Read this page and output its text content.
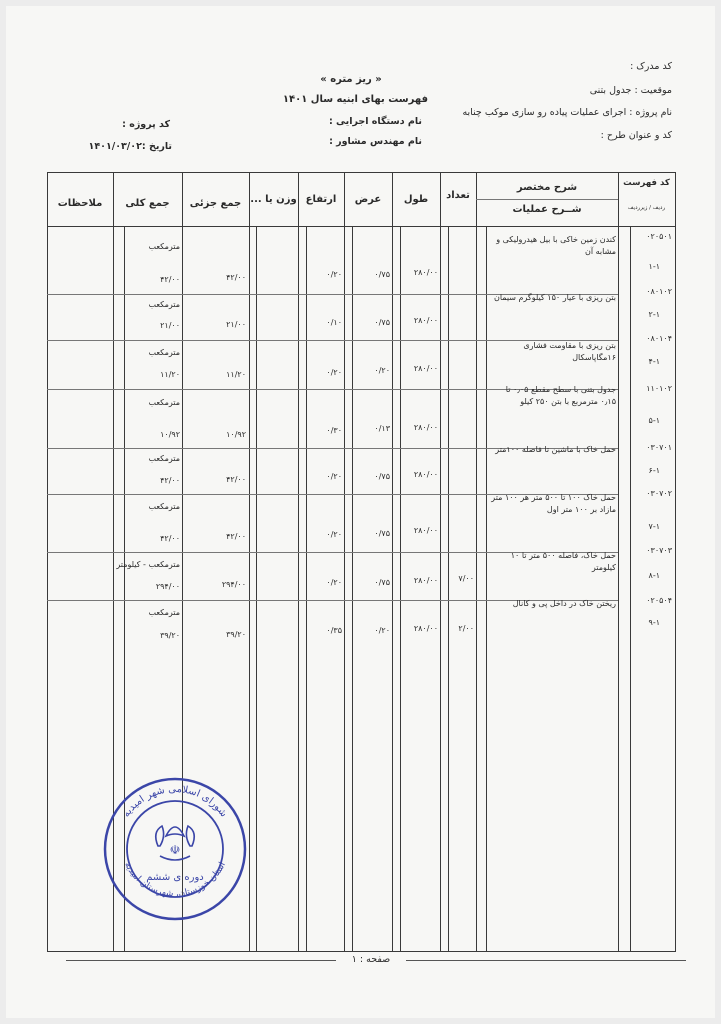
« ریز متره »
فهرست بهای ابنیه سال ۱۴۰۱
نام دستگاه اجرایی :
نام مهندس مشاور :
کد پروژه :
تاریخ :۱۴۰۱/۰۳/۰۲
کد مدرک :
موقعیت : جدول بتنی
نام پروژه : اجرای عملیات پیاده رو سازی موکب چنابه
کد و عنوان طرح :
کد فهرست
ردیف / زیرردیف
شرح مختصر
شــرح عملیات
تعداد
طول
عرض
ارتفاع
وزن یا ...
جمع جزئی
جمع کلی
ملاحظات
۰۲۰۵۰۱
۱-۱
کندن زمین خاکی با بیل هیدرولیکی و مشابه آن
۲۸۰/۰۰
۰/۷۵
۰/۲۰
۴۲/۰۰
مترمکعب
۴۲/۰۰
۰۸۰۱۰۲
۲-۱
بتن ریزی با عیار ۱۵۰ کیلوگرم سیمان
۲۸۰/۰۰
۰/۷۵
۰/۱۰
۲۱/۰۰
مترمکعب
۲۱/۰۰
۰۸۰۱۰۴
۴-۱
بتن ریزی با مقاومت فشاری ۱۶مگاپاسکال
۲۸۰/۰۰
۰/۲۰
۰/۲۰
۱۱/۲۰
مترمکعب
۱۱/۲۰
۱۱۰۱۰۲
۵-۱
جدول بتنی با سطح مقطع ۰٫۰۵ تا ۰٫۱۵ مترمربع با بتن ۲۵۰ کیلو
۲۸۰/۰۰
۰/۱۳
۰/۳۰
۱۰/۹۲
مترمکعب
۱۰/۹۲
۰۳۰۷۰۱
۶-۱
حمل خاک با ماشین تا فاصله ۱۰۰متر
۲۸۰/۰۰
۰/۷۵
۰/۲۰
۴۲/۰۰
مترمکعب
۴۲/۰۰
۰۳۰۷۰۲
۷-۱
حمل خاک ۱۰۰ تا ۵۰۰ متر هر ۱۰۰ متر مازاد بر ۱۰۰ متر اول
۲۸۰/۰۰
۰/۷۵
۰/۲۰
۴۲/۰۰
مترمکعب
۴۲/۰۰
۰۳۰۷۰۳
۸-۱
حمل خاک، فاصله ۵۰۰ متر تا ۱۰ کیلومتر
۷/۰۰
۲۸۰/۰۰
۰/۷۵
۰/۲۰
۲۹۴/۰۰
مترمکعب - کیلومتر
۲۹۴/۰۰
۰۲۰۵۰۴
۹-۱
ریختن خاک در داخل پی و کانال
۲/۰۰
۲۸۰/۰۰
۰/۲۰
۰/۳۵
۳۹/۲۰
مترمکعب
۳۹/۲۰
صفحه : ۱
☫
دوره ی ششم
شورای اسلامی شهر امیدیه
استان خوزستان، شهرستان امیدیه
